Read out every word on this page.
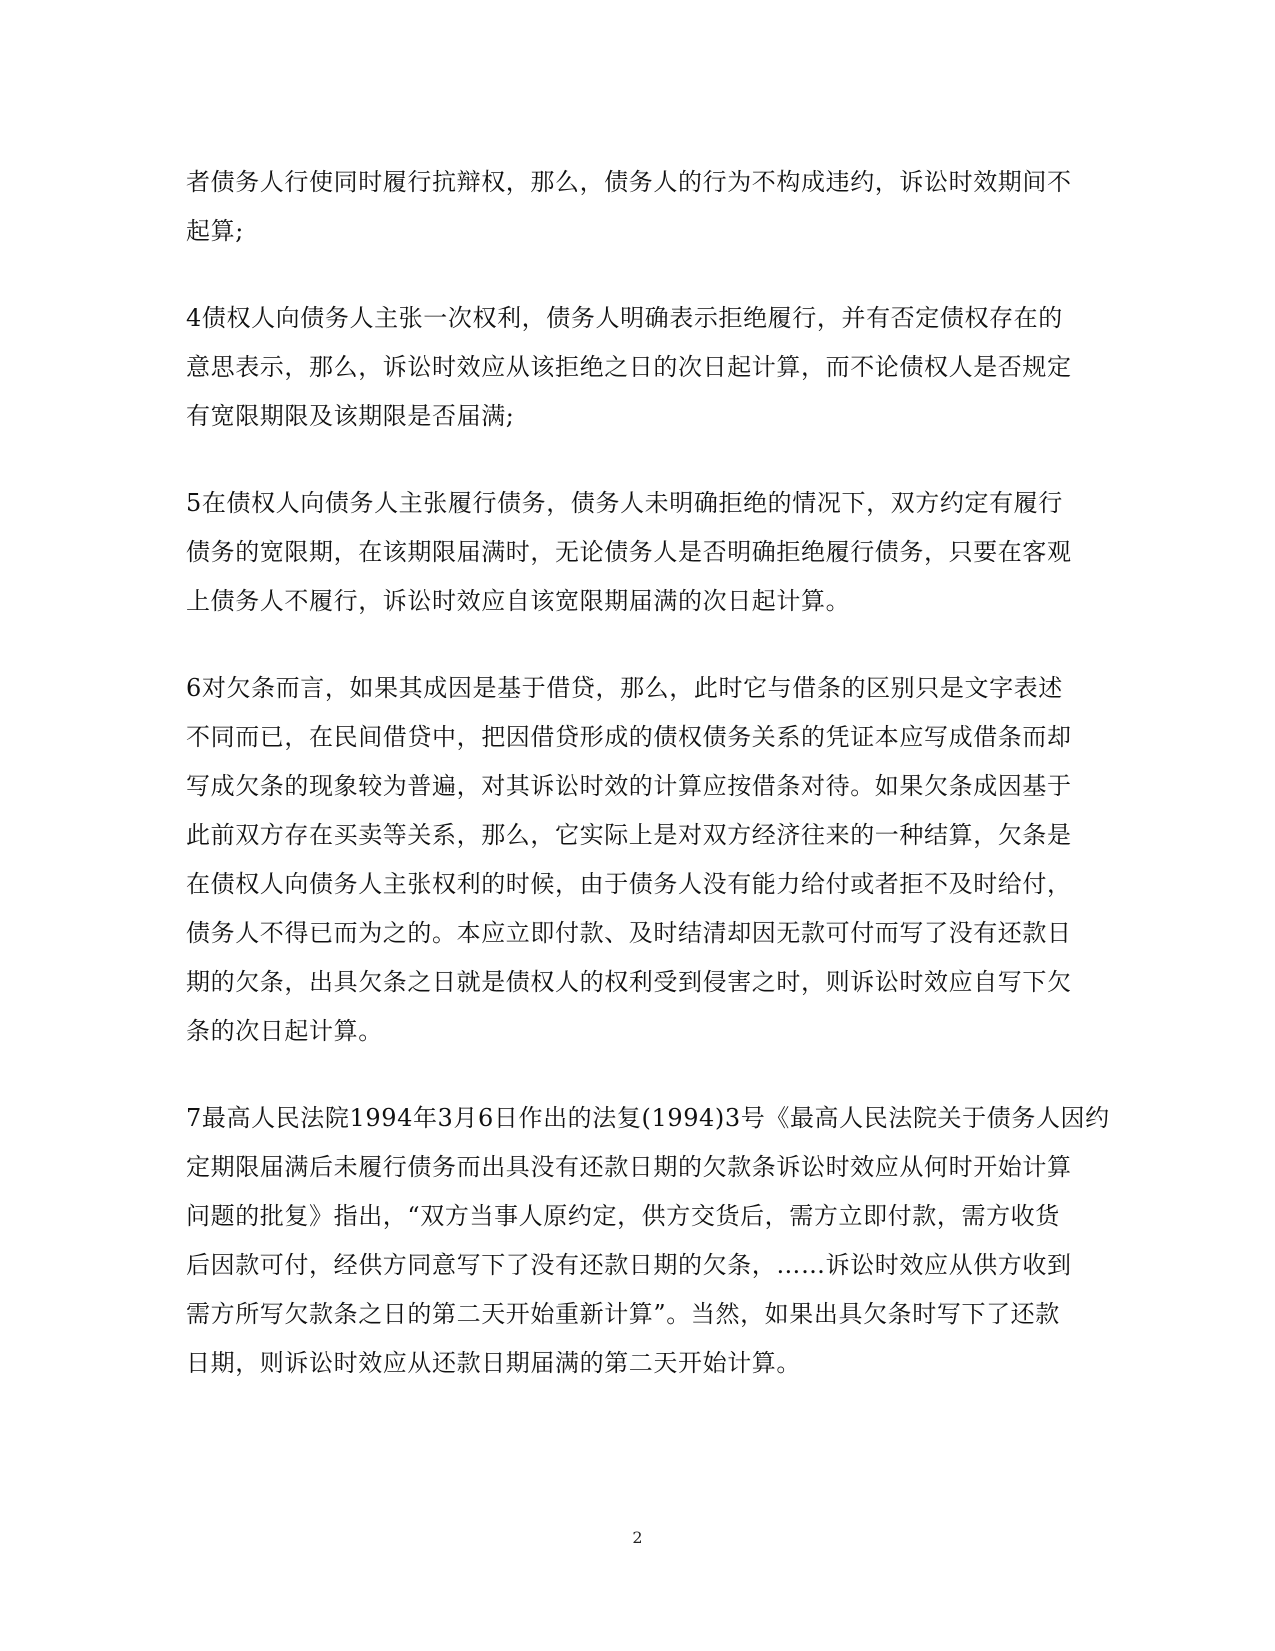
者债务人行使同时履行抗辩权，那么，债务人的行为不构成违约，诉讼时效期间不
起算;

4债权人向债务人主张一次权利，债务人明确表示拒绝履行，并有否定债权存在的
意思表示，那么，诉讼时效应从该拒绝之日的次日起计算，而不论债权人是否规定
有宽限期限及该期限是否届满;

5在债权人向债务人主张履行债务，债务人未明确拒绝的情况下，双方约定有履行
债务的宽限期，在该期限届满时，无论债务人是否明确拒绝履行债务，只要在客观
上债务人不履行，诉讼时效应自该宽限期届满的次日起计算。

6对欠条而言，如果其成因是基于借贷，那么，此时它与借条的区别只是文字表述
不同而已，在民间借贷中，把因借贷形成的债权债务关系的凭证本应写成借条而却
写成欠条的现象较为普遍，对其诉讼时效的计算应按借条对待。如果欠条成因基于
此前双方存在买卖等关系，那么，它实际上是对双方经济往来的一种结算，欠条是
在债权人向债务人主张权利的时候，由于债务人没有能力给付或者拒不及时给付，
债务人不得已而为之的。本应立即付款、及时结清却因无款可付而写了没有还款日
期的欠条，出具欠条之日就是债权人的权利受到侵害之时，则诉讼时效应自写下欠
条的次日起计算。

7最高人民法院1994年3月6日作出的法复(1994)3号《最高人民法院关于债务人因约
定期限届满后未履行债务而出具没有还款日期的欠款条诉讼时效应从何时开始计算
问题的批复》指出，“双方当事人原约定，供方交货后，需方立即付款，需方收货
后因款可付，经供方同意写下了没有还款日期的欠条，……诉讼时效应从供方收到
需方所写欠款条之日的第二天开始重新计算”。当然，如果出具欠条时写下了还款
日期，则诉讼时效应从还款日期届满的第二天开始计算。

2
